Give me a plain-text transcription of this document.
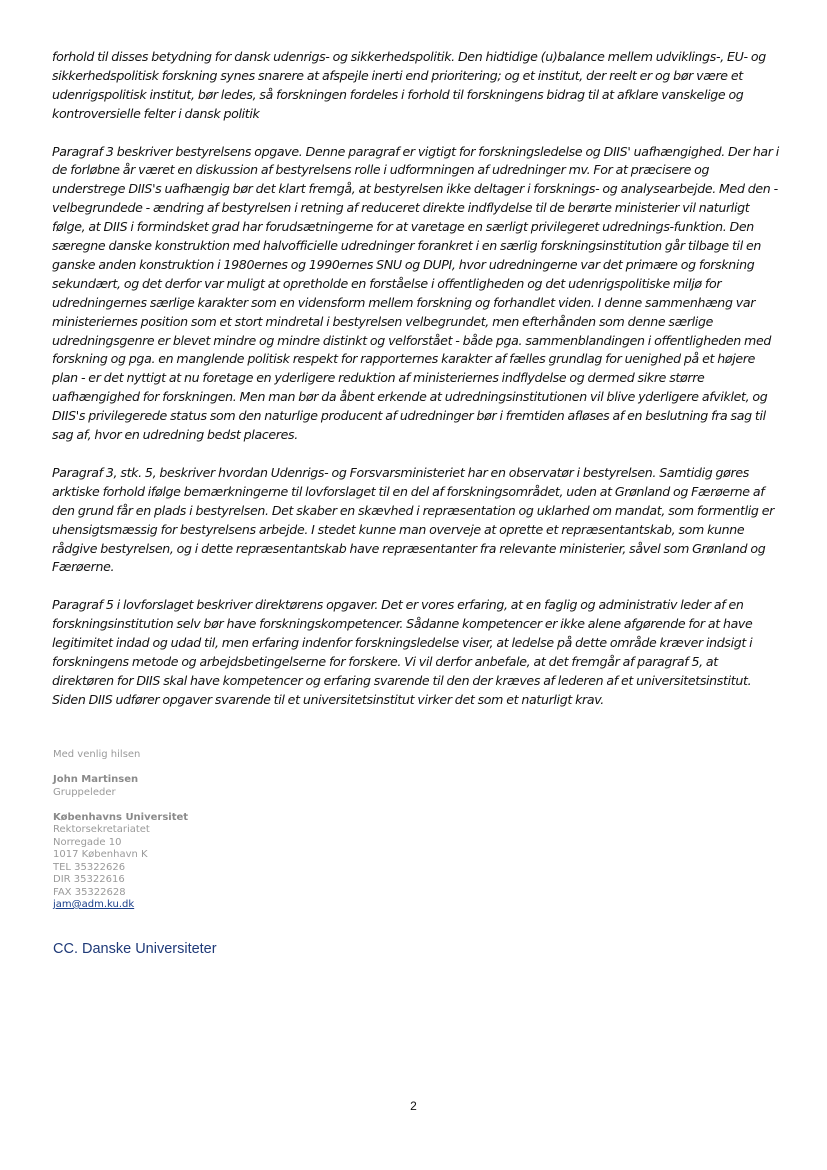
forhold til disses betydning for dansk udenrigs- og sikkerhedspolitik. Den hidtidige (u)balance mellem udviklings-, EU- og sikkerhedspolitisk forskning synes snarere at afspejle inerti end prioritering; og et institut, der reelt er og bør være et udenrigspolitisk institut, bør ledes, så forskningen fordeles i forhold til forskningens bidrag til at afklare vanskelige og kontroversielle felter i dansk politik

Paragraf 3 beskriver bestyrelsens opgave. Denne paragraf er vigtigt for forskningsledelse og DIIS' uafhængighed. Der har i de forløbne år været en diskussion af bestyrelsens rolle i udformningen af udredninger mv. For at præcisere og understrege DIIS's uafhængig bør det klart fremgå, at bestyrelsen ikke deltager i forsknings- og analysearbejde. Med den - velbegrundede - ændring af bestyrelsen i retning af reduceret direkte indflydelse til de berørte ministerier vil naturligt følge, at DIIS i formindsket grad har forudsætningerne for at varetage en særligt privilegeret udrednings-funktion. Den særegne danske konstruktion med halvofficielle udredninger forankret i en særlig forskningsinstitution går tilbage til en ganske anden konstruktion i 1980ernes og 1990ernes SNU og DUPI, hvor udredningerne var det primære og forskning sekundært, og det derfor var muligt at opretholde en forståelse i offentligheden og det udenrigspolitiske miljø for udredningernes særlige karakter som en vidensform mellem forskning og forhandlet viden. I denne sammenhæng var ministeriernes position som et stort mindretal i bestyrelsen velbegrundet, men efterhånden som denne særlige udredningsgenre er blevet mindre og mindre distinkt og velforstået - både pga. sammenblandingen i offentligheden med forskning og pga. en manglende politisk respekt for rapporternes karakter af fælles grundlag for uenighed på et højere plan - er det nyttigt at nu foretage en yderligere reduktion af ministeriernes indflydelse og dermed sikre større uafhængighed for forskningen. Men man bør da åbent erkende at udredningsinstitutionen vil blive yderligere afviklet, og DIIS's privilegerede status som den naturlige producent af udredninger bør i fremtiden afløses af en beslutning fra sag til sag af, hvor en udredning bedst placeres.

Paragraf 3, stk. 5, beskriver hvordan Udenrigs- og Forsvarsministeriet har en observatør i bestyrelsen. Samtidig gøres arktiske forhold ifølge bemærkningerne til lovforslaget til en del af forskningsområdet, uden at Grønland og Færøerne af den grund får en plads i bestyrelsen. Det skaber en skævhed i repræsentation og uklarhed om mandat, som formentlig er uhensigtsmæssig for bestyrelsens arbejde. I stedet kunne man overveje at oprette et repræsentantskab, som kunne rådgive bestyrelsen, og i dette repræsentantskab have repræsentanter fra relevante ministerier, såvel som Grønland og Færøerne.

Paragraf 5 i lovforslaget beskriver direktørens opgaver. Det er vores erfaring, at en faglig og administrativ leder af en forskningsinstitution selv bør have forskningskompetencer. Sådanne kompetencer er ikke alene afgørende for at have legitimitet indad og udad til, men erfaring indenfor forskningsledelse viser, at ledelse på dette område kræver indsigt i forskningens metode og arbejdsbetingelserne for forskere. Vi vil derfor anbefale, at det fremgår af paragraf 5, at direktøren for DIIS skal have kompetencer og erfaring svarende til den der kræves af lederen af et universitetsinstitut. Siden DIIS udfører opgaver svarende til et universitetsinstitut virker det som et naturligt krav.

Med venlig hilsen
John Martinsen
Gruppeleder
Københavns Universitet
Rektorsekretariatet
Norregade 10
1017 København K
TEL 35322626
DIR 35322616
FAX 35322628
jam@adm.ku.dk
CC. Danske Universiteter
2
